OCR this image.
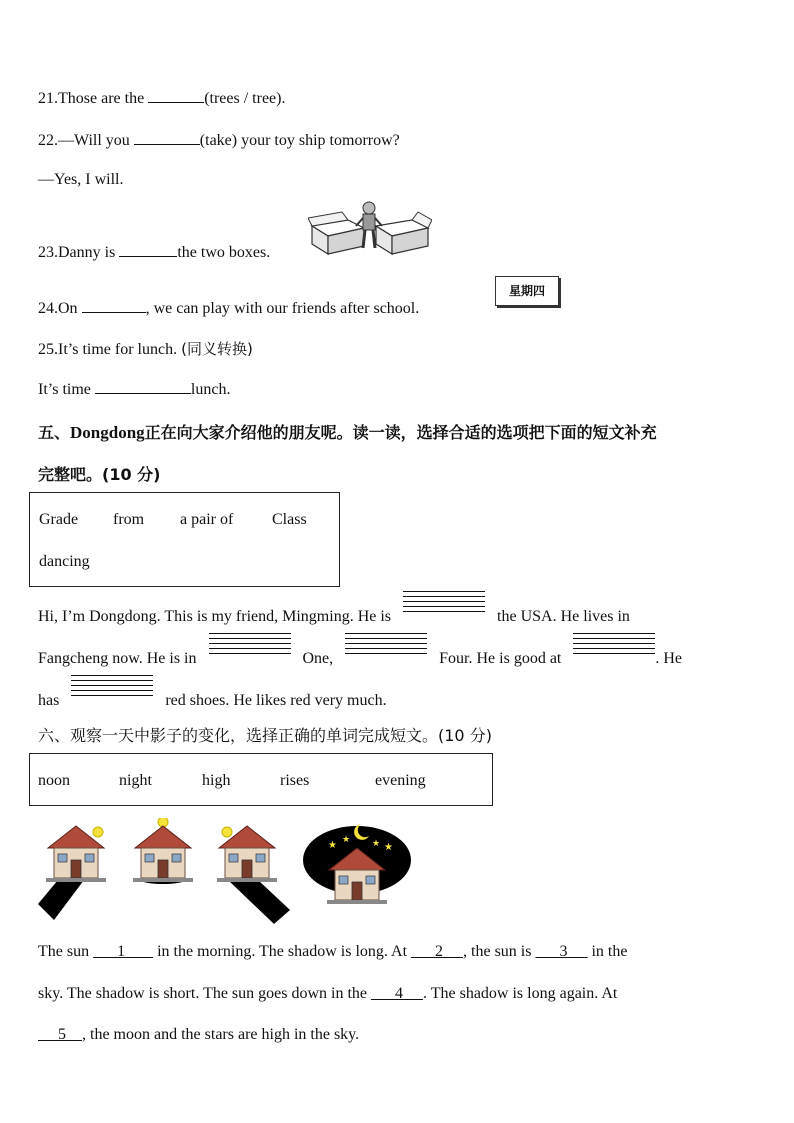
21.Those are the	(trees / tree).
22.—Will you	(take) your toy ship tomorrow?
—Yes, I will.
23.Danny is	the two boxes.
24.On	, we can play with our friends after school.
星期四
25.It’s time for lunch. (同义转换)
It’s time	lunch.
五、Dongdong正在向大家介绍他的朋友呢。读一读，选择合适的选项把下面的短文补充
完整吧。(10 分)
Grade from a pair of Class
dancing
Hi, I’m Dongdong. This is my friend, Mingming. He is	the USA. He lives in
Fangcheng now. He is in	One,	Four. He is good at	. He
has	red shoes. He likes red very much.
六、观察一天中影子的变化，选择正确的单词完成短文。(10 分)
noon	night	high	rises	evening
★ ★ ★ ★
The sun 1 in the morning. The shadow is long. At 2 , the sun is 3 in the
sky. The shadow is short. The sun goes down in the 4 . The shadow is long again. At
5 , the moon and the stars are high in the sky.
